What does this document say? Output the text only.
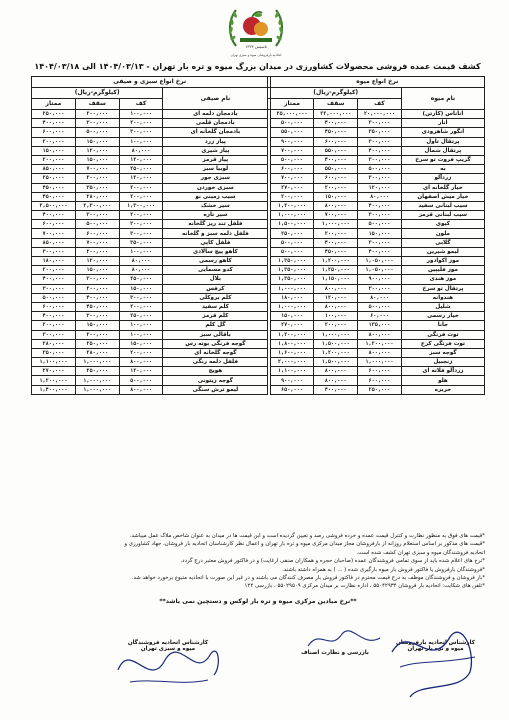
تاسیس ۱۳۳۴
اتحادیه بارفروشان میوه و سبزی تهران
کشف قیمت عمده فروشی محصولات کشاورزی در میدان بزرگ میوه و تره بار تهران - ۱۴۰۴/۰۳/۱۳ الی ۱۴۰۴/۰۳/۱۸
نرخ انواع میوه					نرخ انواع سبزی و صیفی			
نام میوه	(کیلوگرم-ریال)				نام صیفی	(کیلوگرم-ریال)		
	کف	سقف	ممتاز			کف	سقف	ممتاز
اناناس (کارتن)	۲۰,۰۰۰,۰۰۰	۲۲,۰۰۰,۰۰۰	۲۵,۰۰۰,۰۰۰		بادمجان دلمه ای	۱۰۰,۰۰۰	۲۰۰,۰۰۰	۲۵۰,۰۰۰
انار	۳۰۰,۰۰۰	۴۰۰,۰۰۰	۵۰۰,۰۰۰		بادمجان قلمی	۲۰۰,۰۰۰	۳۰۰,۰۰۰	۴۰۰,۰۰۰
انگور شاهرودی	۳۵۰,۰۰۰	۴۵۰,۰۰۰	۵۵۰,۰۰۰		بادمجان گلخانه ای	۳۰۰,۰۰۰	۵۰۰,۰۰۰	۶۰۰,۰۰۰
پرتقال تاول	۳۰۰,۰۰۰	۶۰۰,۰۰۰	۹۰۰,۰۰۰		پیاز زرد	۱۰۰,۰۰۰	۱۵۰,۰۰۰	۲۰۰,۰۰۰
پرتقال شمال	۴۰۰,۰۰۰	۵۵۰,۰۰۰	۷۰۰,۰۰۰		پیاز شیری	۸۰,۰۰۰	۱۲۰,۰۰۰	۱۵۰,۰۰۰
گریپ فروت تو سرخ	۳۰۰,۰۰۰	۴۰۰,۰۰۰	۵۰۰,۰۰۰		پیاز قرمز	۱۲۰,۰۰۰	۱۵۰,۰۰۰	۲۰۰,۰۰۰
به	۵۰۰,۰۰۰	۵۵۰,۰۰۰	۶۰۰,۰۰۰		لوبیا سبز	۲۵۰,۰۰۰	۷۰۰,۰۰۰	۸۵۰,۰۰۰
زردآلو	۳۰۰,۰۰۰	۶۰۰,۰۰۰	۷۰۰,۰۰۰		سبزی جور	۱۲۰,۰۰۰	۲۰۰,۰۰۰	۲۵۰,۰۰۰
خیار گلخانه ای	۱۲۰,۰۰۰	۲۰۰,۰۰۰	۲۷۰,۰۰۰		سبزی خوردن	۲۰۰,۰۰۰	۳۵۰,۰۰۰	۴۵۰,۰۰۰
خیار میش اصفهان	۸۰,۰۰۰	۱۵۰,۰۰۰	۲۰۰,۰۰۰		سیب زمینی نو	۲۰۰,۰۰۰	۲۸۰,۰۰۰	۴۵۰,۰۰۰
سیب لبنانی سفید	۴۰۰,۰۰۰	۸۰۰,۰۰۰	۱,۲۰۰,۰۰۰		سیر خشک	۱,۳۰۰,۰۰۰	۲,۳۰۰,۰۰۰	۲,۵۰۰,۰۰۰
سیب لبنانی قرمز	۳۰۰,۰۰۰	۷۰۰,۰۰۰	۱,۰۰۰,۰۰۰		سیر تازه	۲۰۰,۰۰۰	۳۰۰,۰۰۰	۴۰۰,۰۰۰
کیوی	۵۰۰,۰۰۰	۱,۰۰۰,۰۰۰	۱,۵۰۰,۰۰۰		فلفل تند ریز گلخانه	۳۰۰,۰۰۰	۵۰۰,۰۰۰	۶۰۰,۰۰۰
ملون	۱۵۰,۰۰۰	۲۰۰,۰۰۰	۲۵۰,۰۰۰		فلفل دلمه سبز و گلخانه	۳۰۰,۰۰۰	۶۰۰,۰۰۰	۷۰۰,۰۰۰
گلابی	۳۰۰,۰۰۰	۴۰۰,۰۰۰	۵۰۰,۰۰۰		فلفل کاپی	۳۵۰,۰۰۰	۷۰۰,۰۰۰	۸۵۰,۰۰۰
لیمو شیرین	۴۰۰,۰۰۰	۴۵۰,۰۰۰	۵۰۰,۰۰۰		کاهو پیچ سالادی	۱۰۰,۰۰۰	۲۰۰,۰۰۰	۳۰۰,۰۰۰
موز اکوادور	۱,۰۵۰,۰۰۰	۱,۲۰۰,۰۰۰	۱,۳۵۰,۰۰۰		کاهو رسمی	۸۰,۰۰۰	۱۲۰,۰۰۰	۱۸۰,۰۰۰
موز فلیپین	۱,۰۵۰,۰۰۰	۱,۲۵۰,۰۰۰	۱,۳۵۰,۰۰۰		کدو مسمایی	۸۰,۰۰۰	۱۵۰,۰۰۰	۲۰۰,۰۰۰
موز هندی	۹۰۰,۰۰۰	۱,۱۵۰,۰۰۰	۱,۳۵۰,۰۰۰		بلال	۲۵۰,۰۰۰	۳۰۰,۰۰۰	۴۰۰,۰۰۰
پرتقال تو سرخ	۳۰۰,۰۰۰	۸۰۰,۰۰۰	۱,۰۰۰,۰۰۰		کرفس	۱۵۰,۰۰۰	۲۰۰,۰۰۰	۳۰۰,۰۰۰
هندوانه	۸۰,۰۰۰	۱۲۰,۰۰۰	۱۸۰,۰۰۰		کلم بروکلی	۳۰۰,۰۰۰	۴۰۰,۰۰۰	۵۰۰,۰۰۰
شلیل	۵۰۰,۰۰۰	۸۰۰,۰۰۰	۱,۰۰۰,۰۰۰		کلم سفید	۲۰۰,۰۰۰	۴۵۰,۰۰۰	۶۰۰,۰۰۰
خیار رسمی	۶۰,۰۰۰	۱۰۰,۰۰۰	۱۵۰,۰۰۰		کلم قرمز	۲۵۰,۰۰۰	۳۰۰,۰۰۰	۴۰۰,۰۰۰
جانا	۱۳۵,۰۰۰	۲۰۰,۰۰۰	۲۷۰,۰۰۰		گل کلم	۱۰۰,۰۰۰	۱۵۰,۰۰۰	۲۰۰,۰۰۰
توت فرنگی	۸۰۰,۰۰۰	۱,۰۰۰,۰۰۰	۱,۲۰۰,۰۰۰		باقالی سبز	۱۰۰,۰۰۰	۲۰۰,۰۰۰	۳۰۰,۰۰۰
توت فرنگی کرج	۱,۲۰۰,۰۰۰	۱,۵۰۰,۰۰۰	۱,۸۰۰,۰۰۰		گوجه فرنگی بوته رس	۱۵۰,۰۰۰	۲۵۰,۰۰۰	۲۸۰,۰۰۰
گوجه سبز	۸۰۰,۰۰۰	۱,۲۰۰,۰۰۰	۱,۶۰۰,۰۰۰		گوجه گلخانه ای	۲۰۰,۰۰۰	۲۸۰,۰۰۰	۳۵۰,۰۰۰
زنجبیل	۱,۰۰۰,۰۰۰	۱,۵۰۰,۰۰۰	۲,۰۰۰,۰۰۰		فلفل دلمه رنگی	۸۰۰,۰۰۰	۱,۰۰۰,۰۰۰	۱,۱۰۰,۰۰۰
زردآلو فلاته ای	۶۰۰,۰۰۰	۸۰۰,۰۰۰	۱,۱۰۰,۰۰۰		هویج	۱۲۰,۰۰۰	۲۵۰,۰۰۰	۲۷۰,۰۰۰
هلو	۶۰۰,۰۰۰	۸۰۰,۰۰۰	۹۰۰,۰۰۰		گوجه زیتونی	۵۰۰,۰۰۰	۱,۰۰۰,۰۰۰	۱,۲۰۰,۰۰۰
خربزه	۲۵۰,۰۰۰	۴۰۰,۰۰۰	۶۵۰,۰۰۰		لیمو ترش سنگی	۸۰۰,۰۰۰	۱,۰۰۰,۰۰۰	۱,۴۰۰,۰۰۰

*قیمت های فوق به منظور نظارت و کنترل قیمت عمده و خرده فروشی رصد و تعیین گردیده است و این قیمت ها در میدان به عنوان شاخص ملاک عمل میباشد.

*قیمت های مذکور بر اساس استعلام روزانه از بارفروشان مجاز میدان مرکزی میوه و تره بار تهران و اعمال نظر کارشناسان اتحادیه بار فروشان، جهاد کشاورزی و

اتحادیه فروشندگان میوه و سبزی تهران کشف شده است.

*نرخ های اعلام شده باید از سوی تمامی فروشندگان عمده (صاحبان حجره و همکاران صنفی ارغایت) و در فاکتور فروش معتبر درج گردد.

*فروشندگان بارفروش یا فاکتور فروش بار میوه بارگیری شده ( ... ) به همراه داشته باشند.

*بار فروشان و فروشندگان موظف به درج قیمت محترم در فاکتور فروش بار مصرف کنندگان می باشند و در غیر این صورت با اتحادیه متبوع برخورد خواهد شد.

*تلفن های شکایت: اتحادیه بار فروشان ۵۵۰۴۲۹۳۴ ، اداره نظارت بر میدان مرکزی ۵۵۰۲۹۵۰۹ ، بازرسی ۱۲۴

**نرخ میادین مرکزی میوه و تره بار لوکس و دستچین نمی باشد**
کارشناس اتحادیه فروشندگان
میوه و سبزی تهران
بازرسی و نظارت اصناف
کارشناس اتحادیه بارفروشان
میوه و تره بار تهران
